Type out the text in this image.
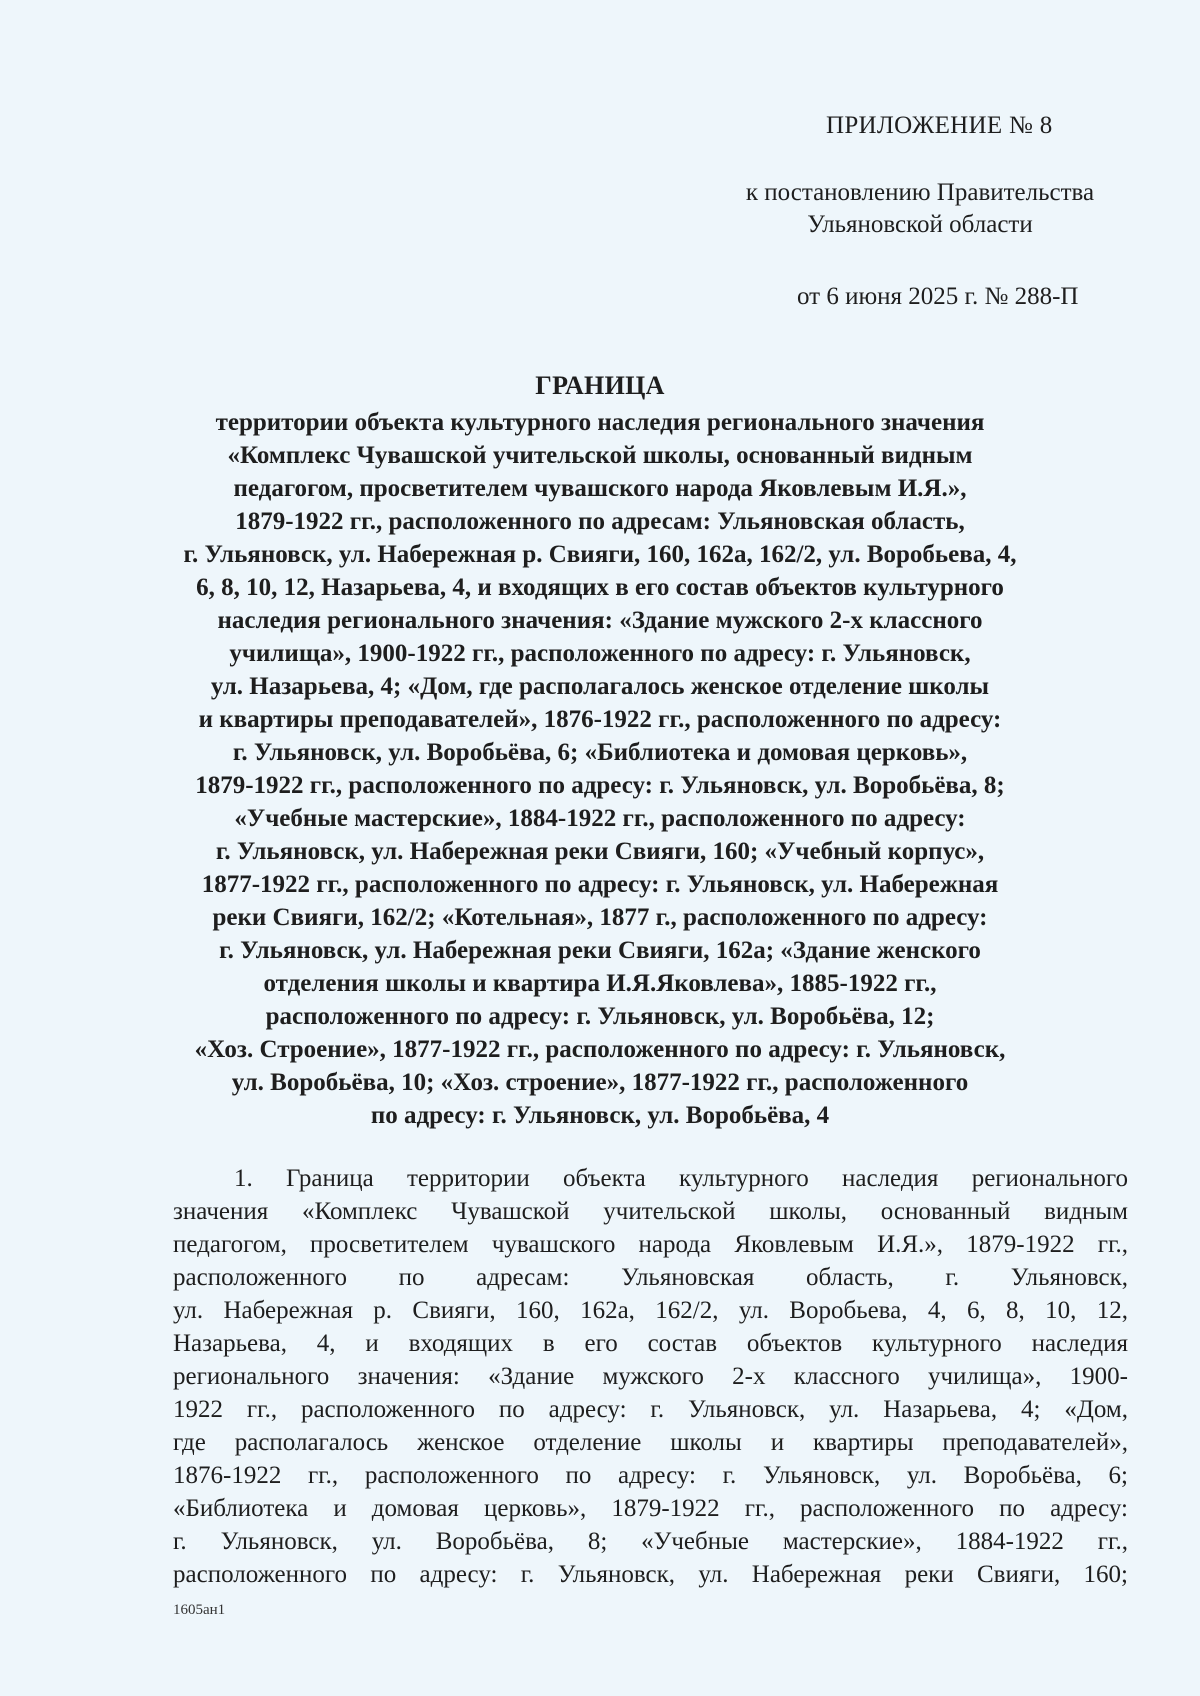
ПРИЛОЖЕНИЕ № 8
к постановлению Правительства
Ульяновской области
от 6 июня 2025 г. № 288-П
ГРАНИЦА
территории объекта культурного наследия регионального значения
«Комплекс Чувашской учительской школы, основанный видным
педагогом, просветителем чувашского народа Яковлевым И.Я.»,
1879-1922 гг., расположенного по адресам: Ульяновская область,
г. Ульяновск, ул. Набережная р. Свияги, 160, 162а, 162/2, ул. Воробьева, 4,
6, 8, 10, 12, Назарьева, 4, и входящих в его состав объектов культурного
наследия регионального значения: «Здание мужского 2-х классного
училища», 1900-1922 гг., расположенного по адресу: г. Ульяновск,
ул. Назарьева, 4; «Дом, где располагалось женское отделение школы
и квартиры преподавателей», 1876-1922 гг., расположенного по адресу:
г. Ульяновск, ул. Воробьёва, 6; «Библиотека и домовая церковь»,
1879-1922 гг., расположенного по адресу: г. Ульяновск, ул. Воробьёва, 8;
«Учебные мастерские», 1884-1922 гг., расположенного по адресу:
г. Ульяновск, ул. Набережная реки Свияги, 160; «Учебный корпус»,
1877-1922 гг., расположенного по адресу: г. Ульяновск, ул. Набережная
реки Свияги, 162/2; «Котельная», 1877 г., расположенного по адресу:
г. Ульяновск, ул. Набережная реки Свияги, 162а; «Здание женского
отделения школы и квартира И.Я.Яковлева», 1885-1922 гг.,
расположенного по адресу: г. Ульяновск, ул. Воробьёва, 12;
«Хоз. Строение», 1877-1922 гг., расположенного по адресу: г. Ульяновск,
ул. Воробьёва, 10; «Хоз. строение», 1877-1922 гг., расположенного
по адресу: г. Ульяновск, ул. Воробьёва, 4
1. Граница территории объекта культурного наследия регионального
значения «Комплекс Чувашской учительской школы, основанный видным
педагогом, просветителем чувашского народа Яковлевым И.Я.», 1879-1922 гг.,
расположенного по адресам: Ульяновская область, г. Ульяновск,
ул. Набережная р. Свияги, 160, 162а, 162/2, ул. Воробьева, 4, 6, 8, 10, 12,
Назарьева, 4, и входящих в его состав объектов культурного наследия
регионального значения: «Здание мужского 2-х классного училища», 1900-
1922 гг., расположенного по адресу: г. Ульяновск, ул. Назарьева, 4; «Дом,
где располагалось женское отделение школы и квартиры преподавателей»,
1876-1922 гг., расположенного по адресу: г. Ульяновск, ул. Воробьёва, 6;
«Библиотека и домовая церковь», 1879-1922 гг., расположенного по адресу:
г. Ульяновск, ул. Воробьёва, 8; «Учебные мастерские», 1884-1922 гг.,
расположенного по адресу: г. Ульяновск, ул. Набережная реки Свияги, 160;
1605ан1
